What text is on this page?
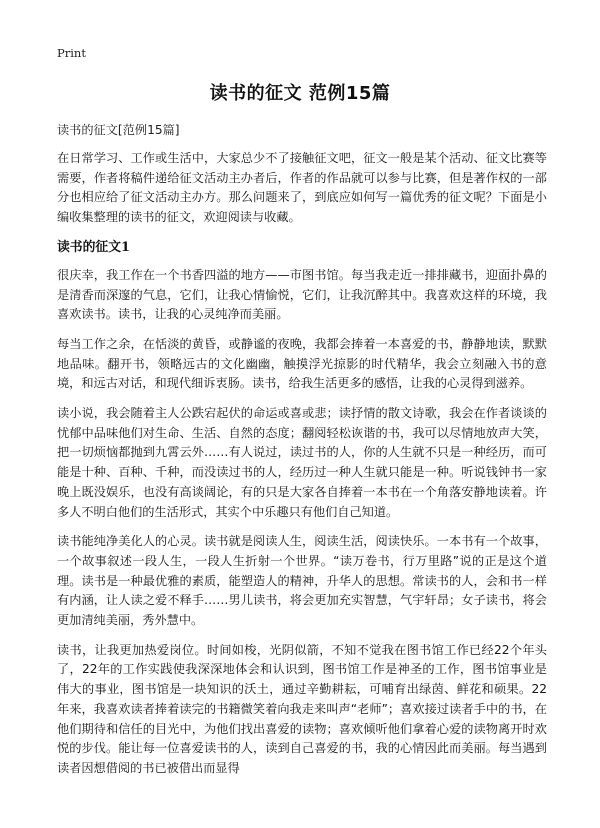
Print
读书的征文 范例15篇
读书的征文[范例15篇]

在日常学习、工作或生活中，大家总少不了接触征文吧，征文一般是某个活动、征文比赛等需要，作者将稿件递给征文活动主办者后，作者的作品就可以参与比赛，但是著作权的一部分也相应给了征文活动主办方。那么问题来了，到底应如何写一篇优秀的征文呢？下面是小编收集整理的读书的征文，欢迎阅读与收藏。

读书的征文1

很庆幸，我工作在一个书香四溢的地方——市图书馆。每当我走近一排排藏书，迎面扑鼻的是清香而深邃的气息，它们，让我心情愉悦，它们，让我沉醉其中。我喜欢这样的环境，我喜欢读书。读书，让我的心灵纯净而美丽。

每当工作之余，在恬淡的黄昏，或静谧的夜晚，我都会捧着一本喜爱的书，静静地读，默默地品味。翻开书，领略远古的文化幽幽，触摸浮光掠影的时代精华，我会立刻融入书的意境，和远古对话，和现代细诉衷肠。读书，给我生活更多的感悟，让我的心灵得到滋养。

读小说，我会随着主人公跌宕起伏的命运或喜或悲；读抒情的散文诗歌，我会在作者谈谈的忧郁中品味他们对生命、生活、自然的态度；翻阅轻松诙谐的书，我可以尽情地放声大笑，把一切烦恼都抛到九霄云外……有人说过，读过书的人，你的人生就不只是一种经历，而可能是十种、百种、千种，而没读过书的人，经历过一种人生就只能是一种。听说钱钟书一家晚上既没娱乐，也没有高谈阔论，有的只是大家各自捧着一本书在一个角落安静地读着。许多人不明白他们的生活形式，其实个中乐趣只有他们自己知道。

读书能纯净美化人的心灵。读书就是阅读人生，阅读生活，阅读快乐。一本书有一个故事，一个故事叙述一段人生，一段人生折射一个世界。“读万卷书，行万里路”说的正是这个道理。读书是一种最优雅的素质，能塑造人的精神，升华人的思想。常读书的人，会和书一样有内涵，让人读之爱不释手……男儿读书，将会更加充实智慧，气宇轩昂；女子读书，将会更加清纯美丽，秀外慧中。

读书，让我更加热爱岗位。时间如梭，光阴似箭，不知不觉我在图书馆工作已经22个年头了，22年的工作实践使我深深地体会和认识到，图书馆工作是神圣的工作，图书馆事业是伟大的事业，图书馆是一块知识的沃土，通过辛勤耕耘，可哺育出绿茵、鲜花和硕果。22年来，我喜欢读者捧着读完的书籍微笑着向我走来叫声“老师”；喜欢接过读者手中的书，在他们期待和信任的目光中，为他们找出喜爱的读物；喜欢倾听他们拿着心爱的读物离开时欢悦的步伐。能让每一位喜爱读书的人，读到自己喜爱的书，我的心情因此而美丽。每当遇到读者因想借阅的书已被借出而显得
